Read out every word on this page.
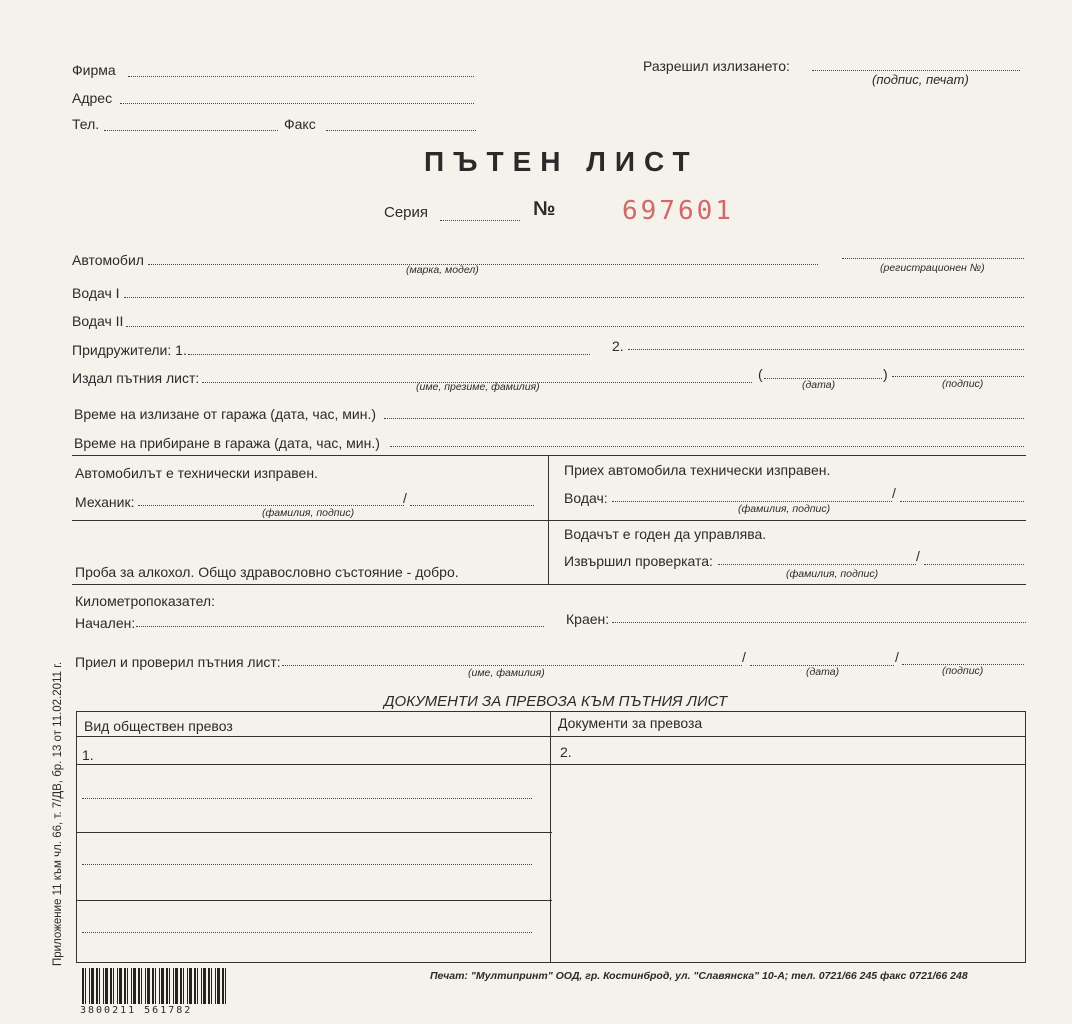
Фирма
Адрес
Тел.	Факс
Разрешил излизането:
(подпис, печат)
ПЪТЕН ЛИСТ
Серия	№	697601
Автомобил
(марка, модел)	(регистрационен №)
Водач I
Водач II
Придружители: 1.	2.
Издал пътния лист:
(име, презиме, фамилия)
(	)
(дата)	(подпис)
Време на излизане от гаража (дата, час, мин.)
Време на прибиране в гаража (дата, час, мин.)
Автомобилът е технически изправен.
Механик:	/
(фамилия, подпис)
Приех автомобила технически изправен.
Водач:	/
(фамилия, подпис)
Водачът е годен да управлява.
Извършил проверката:	/
(фамилия, подпис)
Проба за алкохол. Общо здравословно състояние - добро.
Километропоказател:
Начален:	Краен:
Приел и проверил пътния лист:
(име, фамилия)
/
(дата)
/
(подпис)
ДОКУМЕНТИ ЗА ПРЕВОЗА КЪМ ПЪТНИЯ ЛИСТ
Вид обществен превоз	Документи за превоза
1.	2.
Приложение 11 към чл. 66, т. 7/ДВ, бр. 13 от 11.02.2011 г.
3800211 561782
Печат: "Мултипринт" ООД, гр. Костинброд, ул. "Славянска" 10-А; тел. 0721/66 245 факс 0721/66 248
